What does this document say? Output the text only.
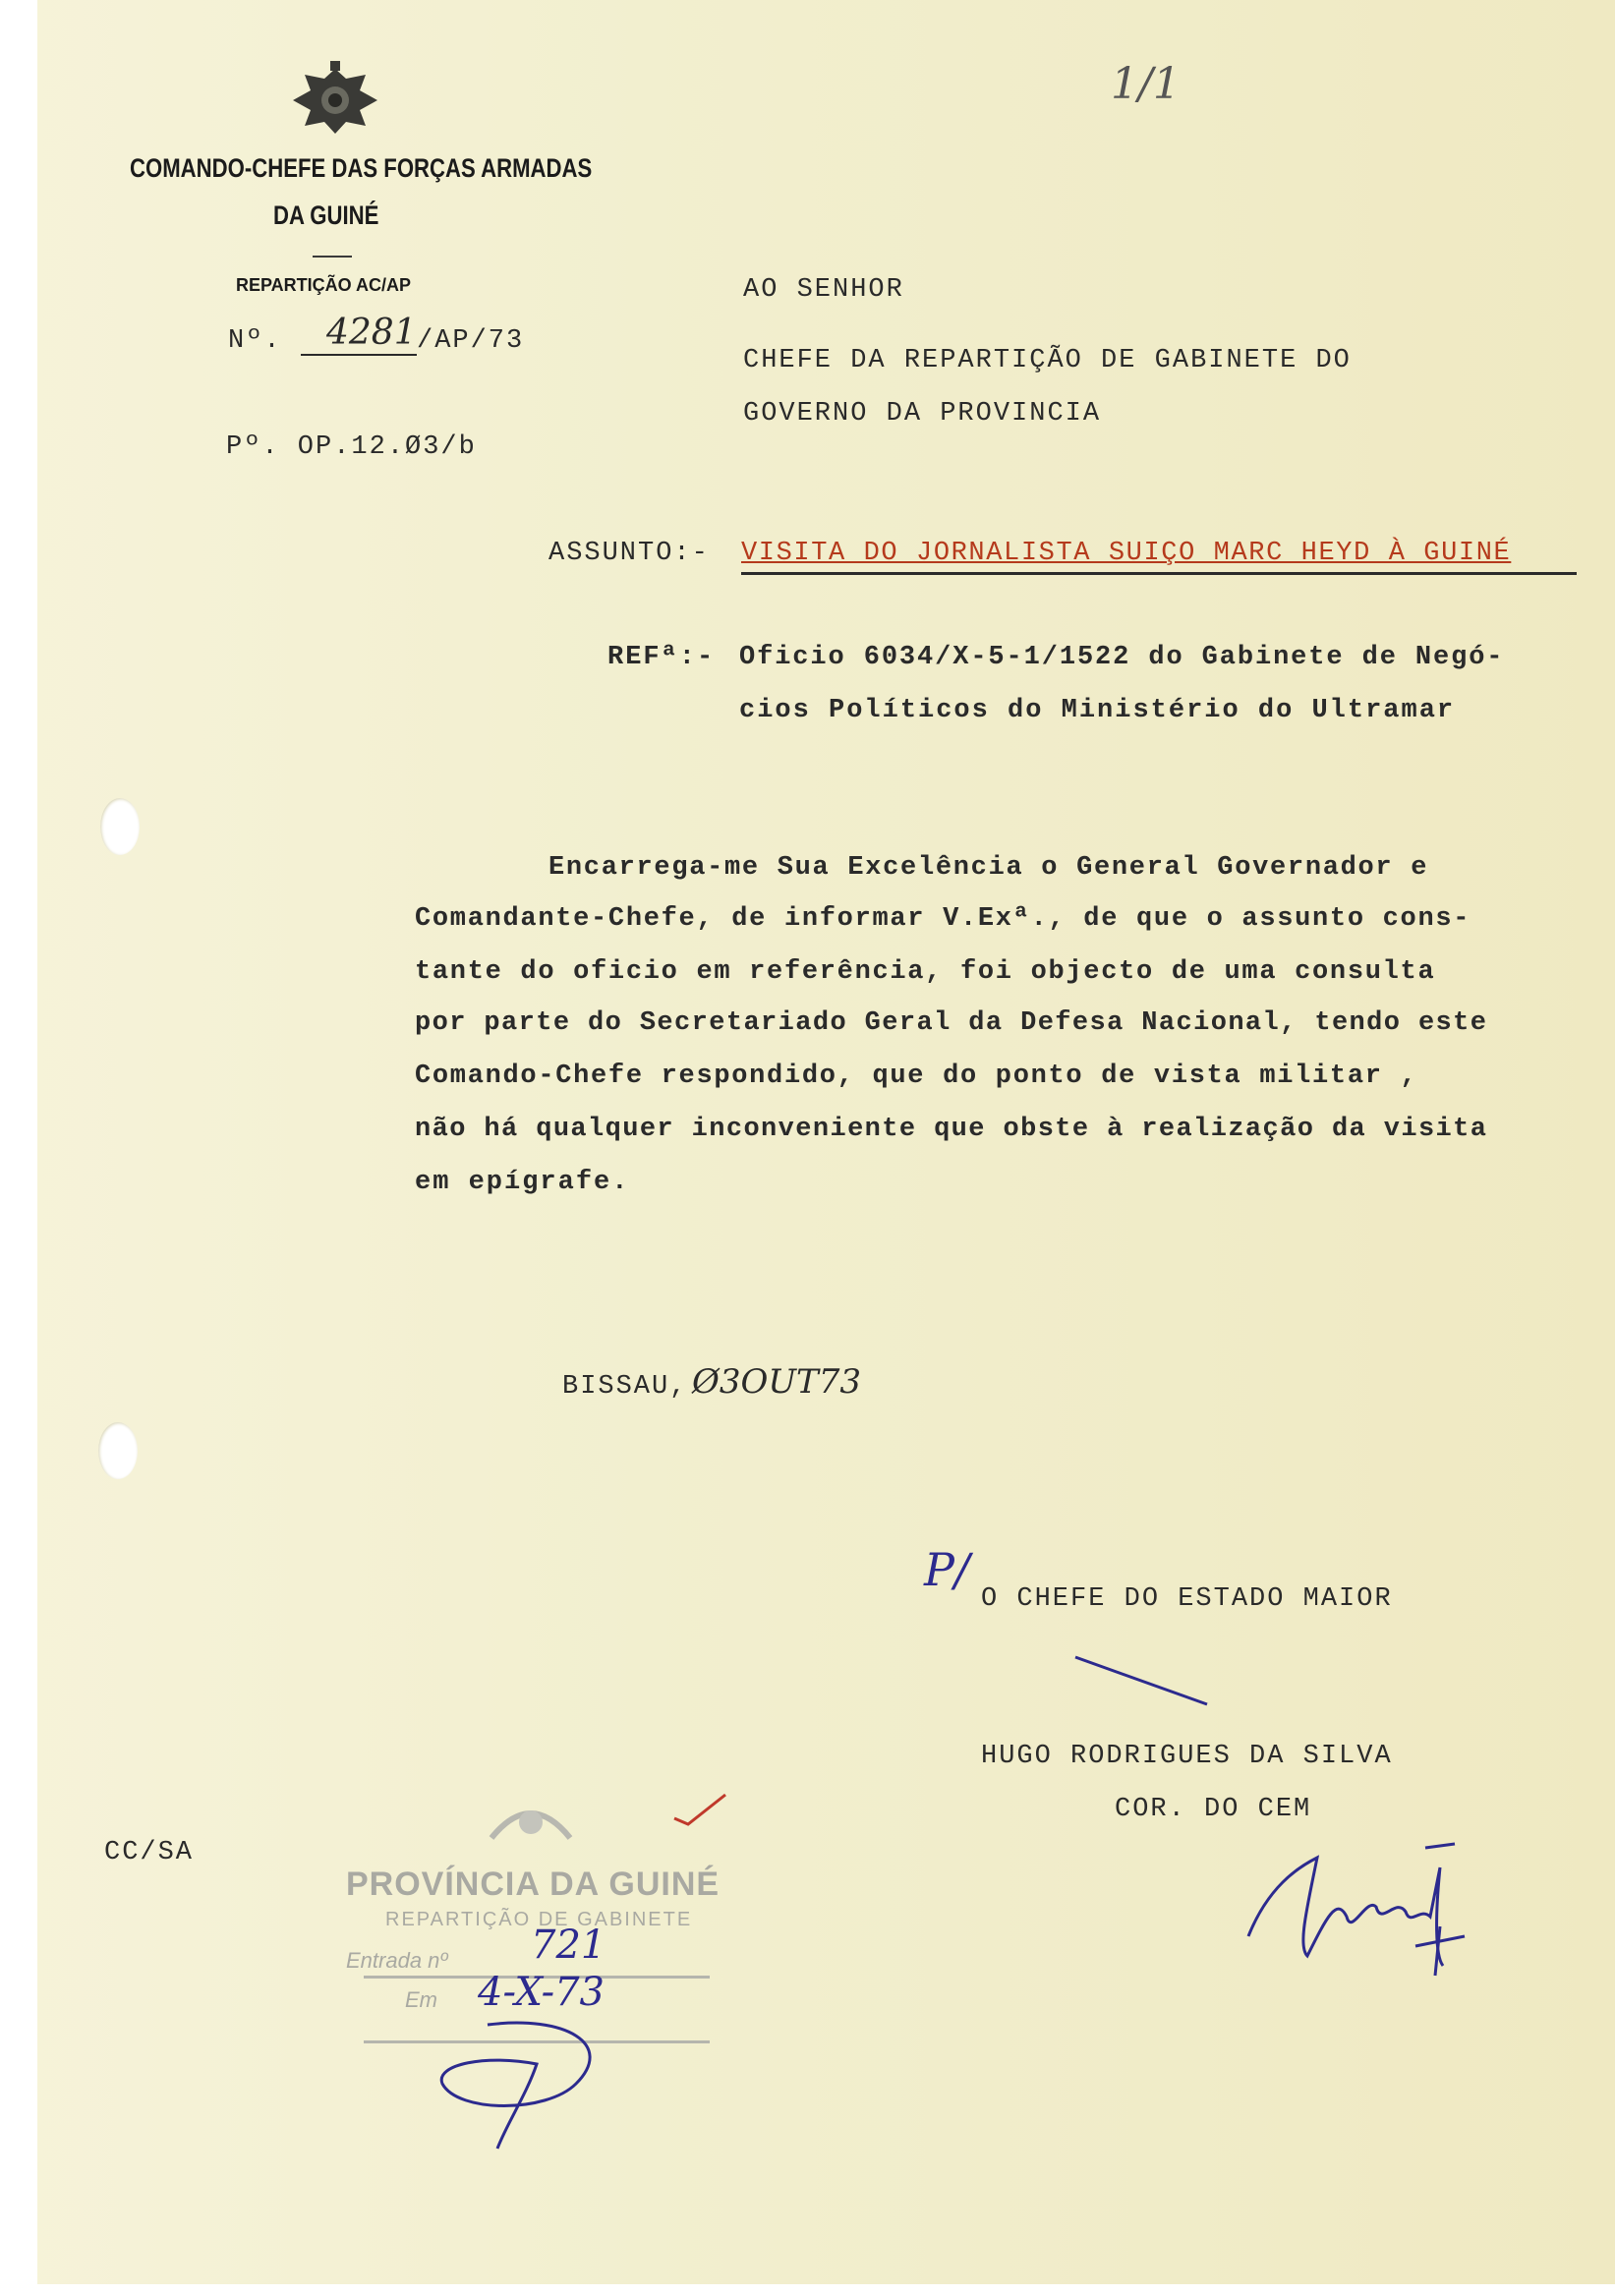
COMANDO-CHEFE DAS FORÇAS ARMADAS
DA GUINÉ
REPARTIÇÃO AC/AP
Nº. 4281 /AP/73
Pº. OP.12.Ø3/b
1/1
AO SENHOR
CHEFE DA REPARTIÇÃO DE GABINETE DO
GOVERNO DA PROVINCIA
ASSUNTO:- VISITA DO JORNALISTA SUIÇO MARC HEYD À GUINÉ
REFª:- Oficio 6034/X-5-1/1522 do Gabinete de Negó-
cios Políticos do Ministério do Ultramar
Encarrega-me Sua Excelência o General Governador e
Comandante-Chefe, de informar V.Exª., de que o assunto cons-
tante do oficio em referência, foi objecto de uma consulta
por parte do Secretariado Geral da Defesa Nacional, tendo este
Comando-Chefe respondido, que do ponto de vista militar ,
não há qualquer inconveniente que obste à realização da visita
em epígrafe.
BISSAU, Ø3OUT73
P/
O CHEFE DO ESTADO MAIOR
HUGO RODRIGUES DA SILVA
COR. DO CEM
CC/SA
PROVÍNCIA DA GUINÉ
REPARTIÇÃO DE GABINETE
Entrada nº
Em
721
4-X-73
